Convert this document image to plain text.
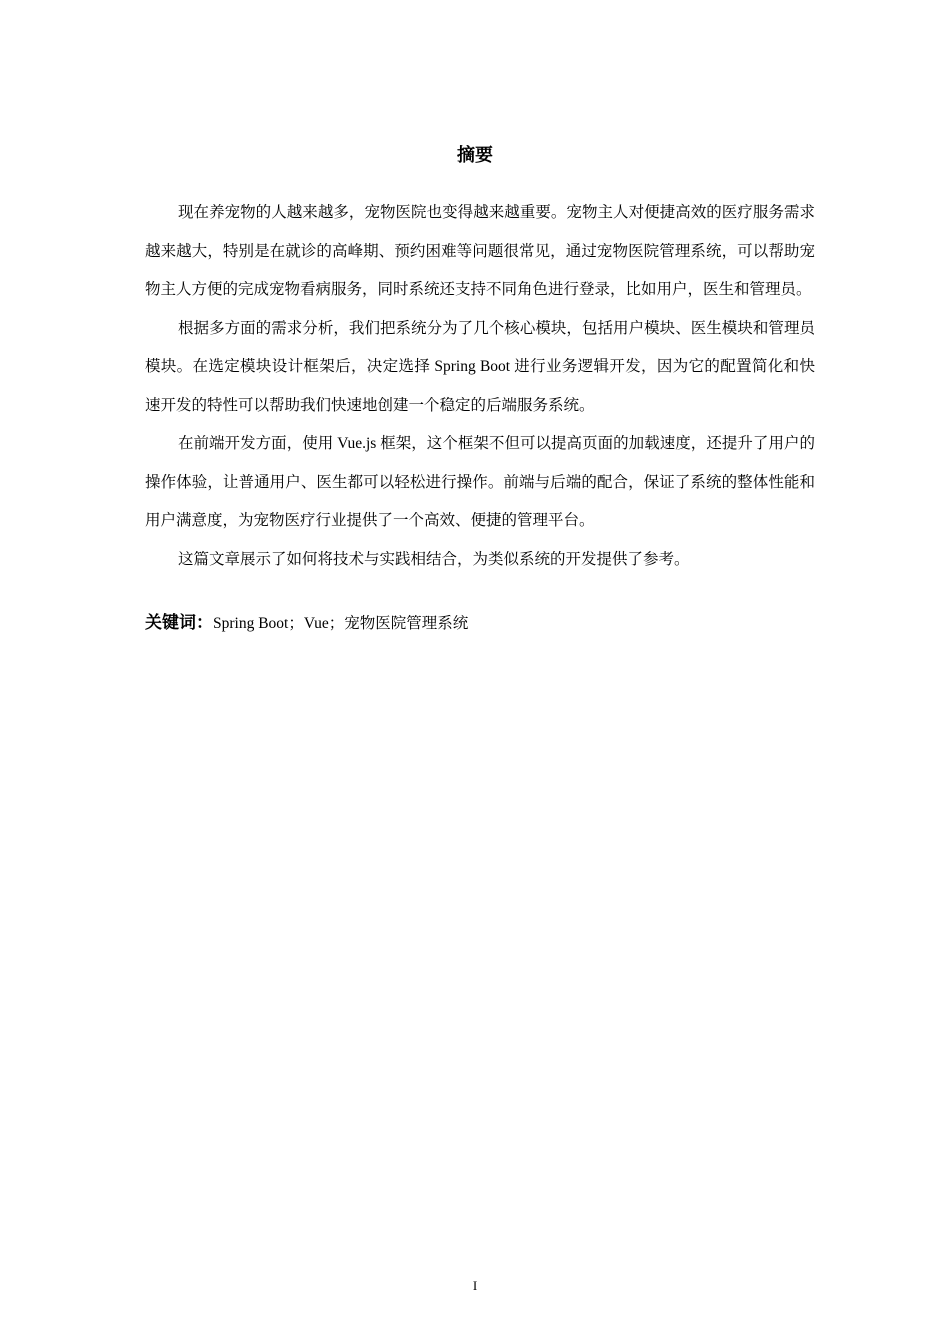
摘要

现在养宠物的人越来越多，宠物医院也变得越来越重要。宠物主人对便捷高效的医疗服务需求越来越大，特别是在就诊的高峰期、预约困难等问题很常见，通过宠物医院管理系统，可以帮助宠物主人方便的完成宠物看病服务，同时系统还支持不同角色进行登录，比如用户，医生和管理员。

根据多方面的需求分析，我们把系统分为了几个核心模块，包括用户模块、医生模块和管理员模块。在选定模块设计框架后，决定选择 Spring Boot 进行业务逻辑开发，因为它的配置简化和快速开发的特性可以帮助我们快速地创建一个稳定的后端服务系统。

在前端开发方面，使用 Vue.js 框架，这个框架不但可以提高页面的加载速度，还提升了用户的操作体验，让普通用户、医生都可以轻松进行操作。前端与后端的配合，保证了系统的整体性能和用户满意度，为宠物医疗行业提供了一个高效、便捷的管理平台。

这篇文章展示了如何将技术与实践相结合，为类似系统的开发提供了参考。

关键词：Spring Boot；Vue；宠物医院管理系统

I
